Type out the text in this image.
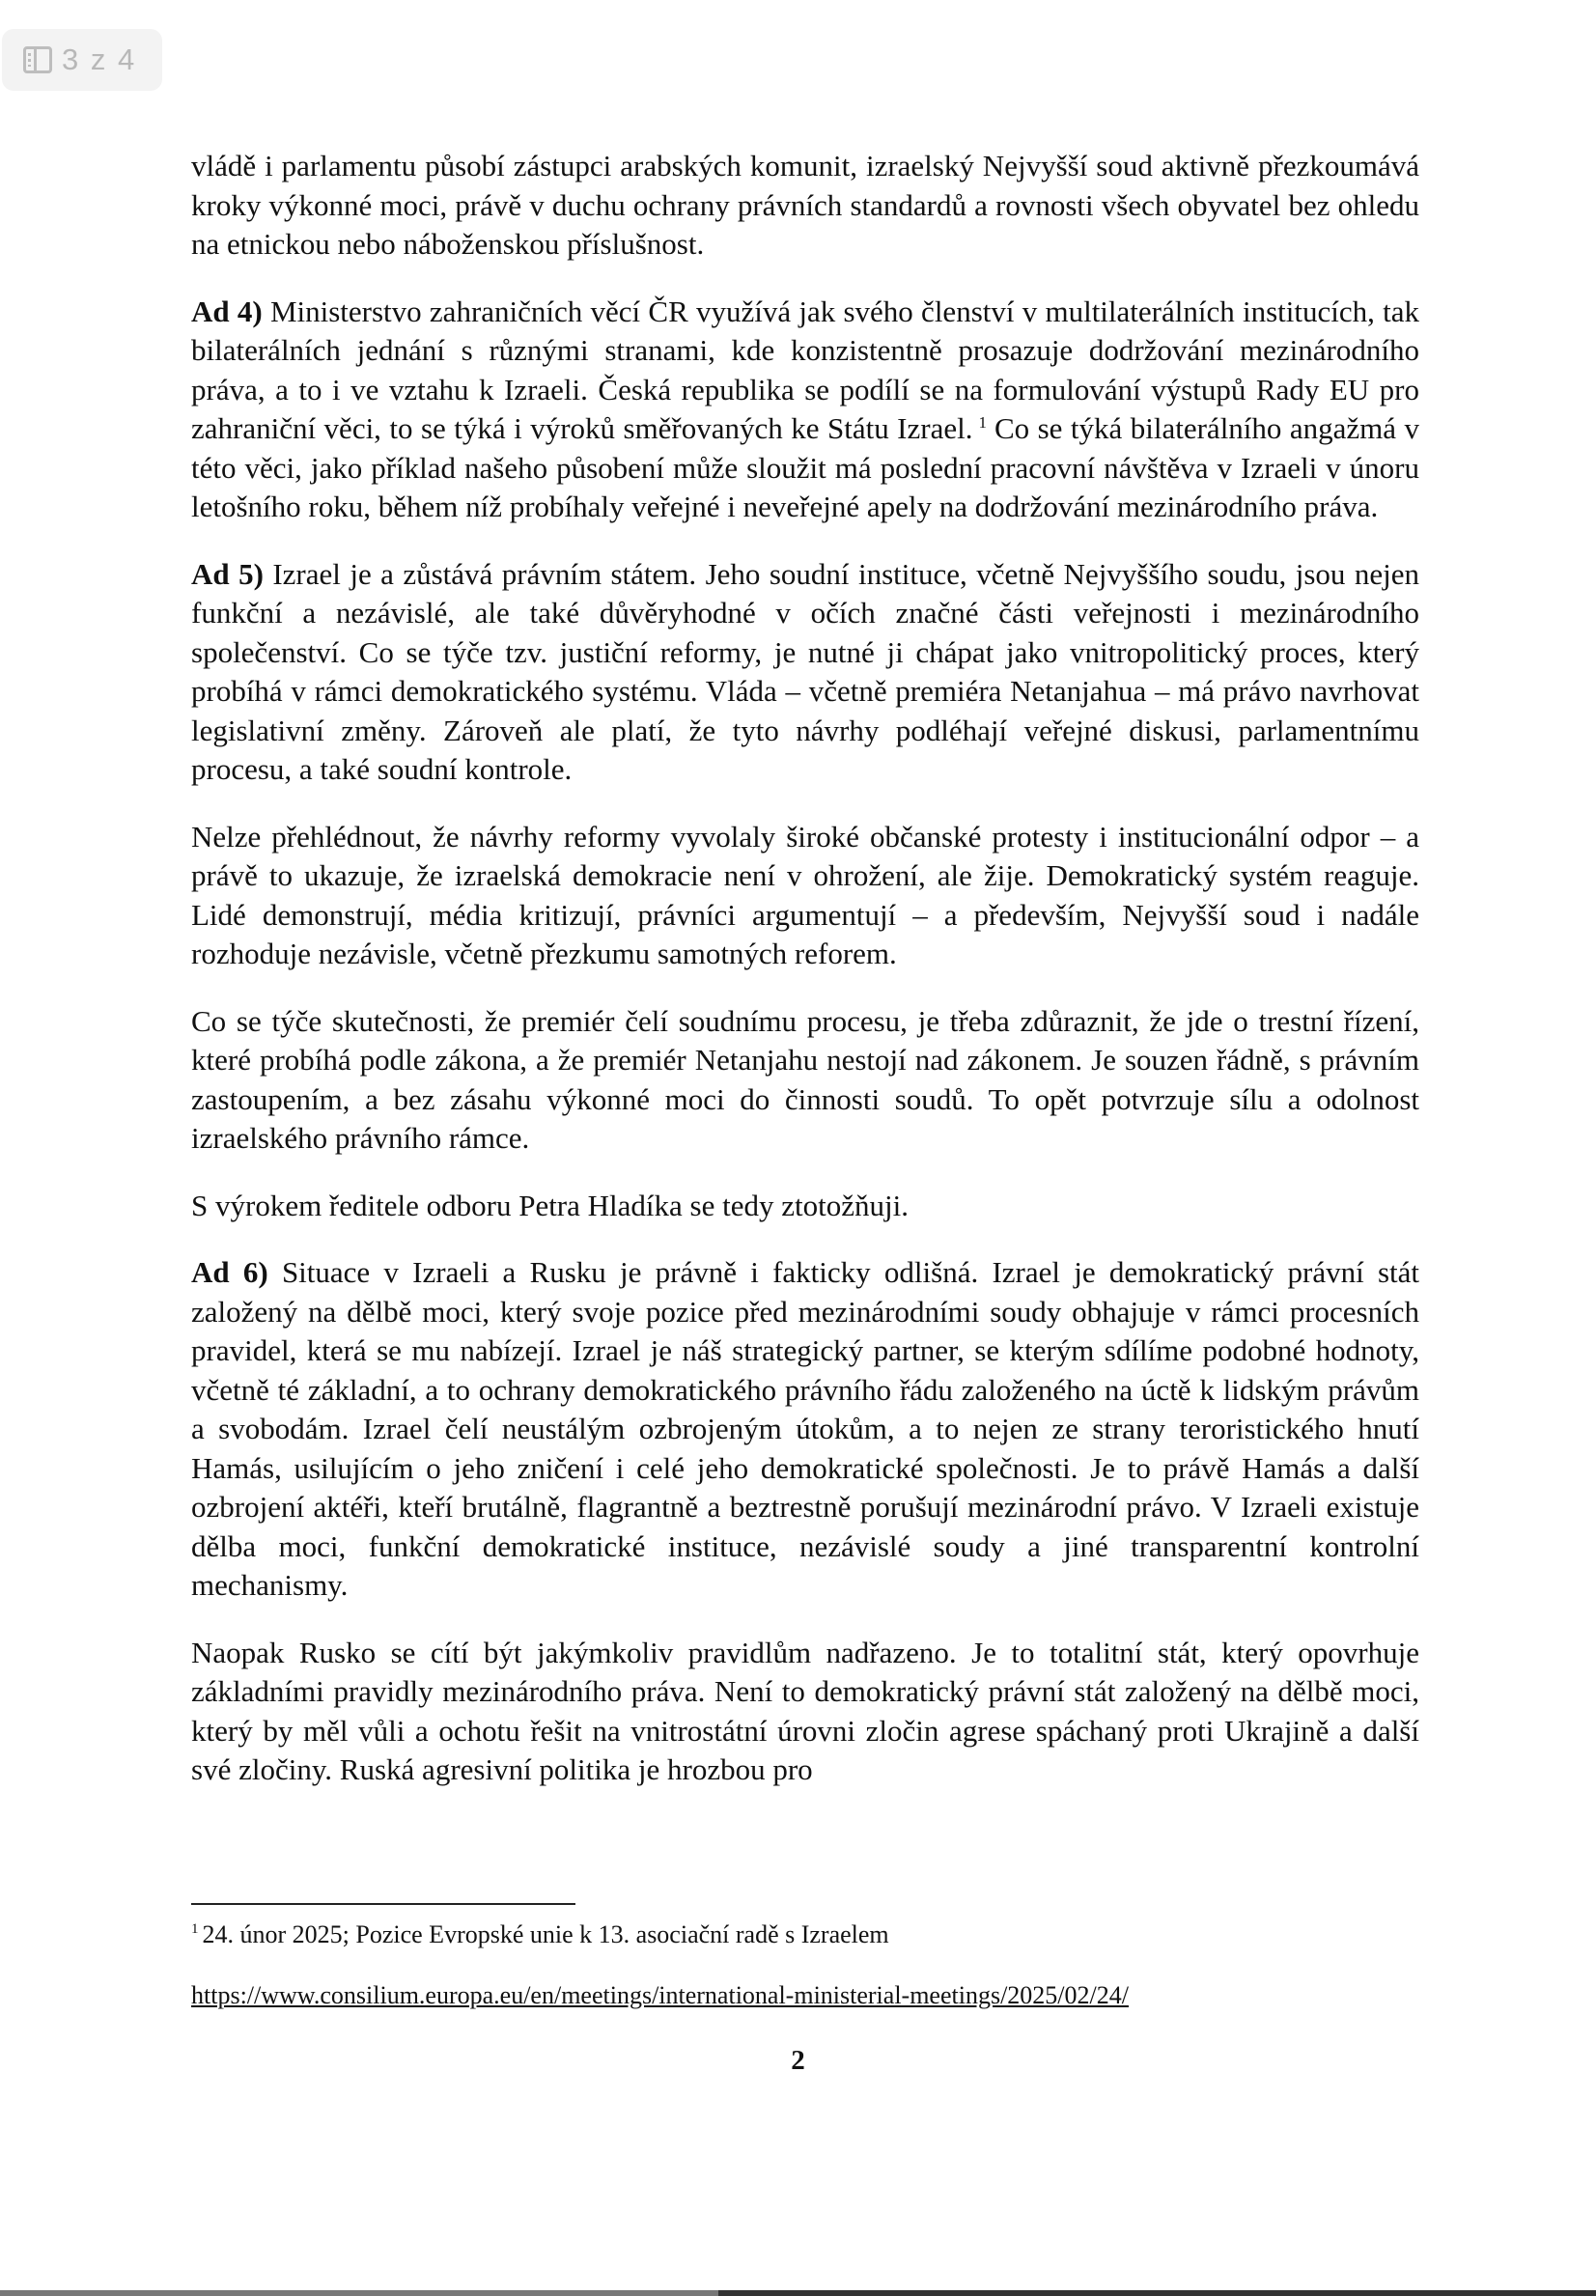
3 z 4

vládě i parlamentu působí zástupci arabských komunit, izraelský Nejvyšší soud aktivně přezkoumává kroky výkonné moci, právě v duchu ochrany právních standardů a rovnosti všech obyvatel bez ohledu na etnickou nebo náboženskou příslušnost.

Ad 4) Ministerstvo zahraničních věcí ČR využívá jak svého členství v multilaterálních institucích, tak bilaterálních jednání s různými stranami, kde konzistentně prosazuje dodržování mezinárodního práva, a to i ve vztahu k Izraeli. Česká republika se podílí se na formulování výstupů Rady EU pro zahraniční věci, to se týká i výroků směřovaných ke Státu Izrael. $^1$ Co se týká bilaterálního angažmá v této věci, jako příklad našeho působení může sloužit má poslední pracovní návštěva v Izraeli v únoru letošního roku, během níž probíhaly veřejné i neveřejné apely na dodržování mezinárodního práva.

Ad 5) Izrael je a zůstává právním státem. Jeho soudní instituce, včetně Nejvyššího soudu, jsou nejen funkční a nezávislé, ale také důvěryhodné v očích značné části veřejnosti i mezinárodního společenství. Co se týče tzv. justiční reformy, je nutné ji chápat jako vnitropolitický proces, který probíhá v rámci demokratického systému. Vláda – včetně premiéra Netanjahua – má právo navrhovat legislativní změny. Zároveň ale platí, že tyto návrhy podléhají veřejné diskusi, parlamentnímu procesu, a také soudní kontrole.

Nelze přehlédnout, že návrhy reformy vyvolaly široké občanské protesty i institucionální odpor – a právě to ukazuje, že izraelská demokracie není v ohrožení, ale žije. Demokratický systém reaguje. Lidé demonstrují, média kritizují, právníci argumentují – a především, Nejvyšší soud i nadále rozhoduje nezávisle, včetně přezkumu samotných reforem.

Co se týče skutečnosti, že premiér čelí soudnímu procesu, je třeba zdůraznit, že jde o trestní řízení, které probíhá podle zákona, a že premiér Netanjahu nestojí nad zákonem. Je souzen řádně, s právním zastoupením, a bez zásahu výkonné moci do činnosti soudů. To opět potvrzuje sílu a odolnost izraelského právního rámce.

S výrokem ředitele odboru Petra Hladíka se tedy ztotožňuji.

Ad 6) Situace v Izraeli a Rusku je právně i fakticky odlišná. Izrael je demokratický právní stát založený na dělbě moci, který svoje pozice před mezinárodními soudy obhajuje v rámci procesních pravidel, která se mu nabízejí. Izrael je náš strategický partner, se kterým sdílíme podobné hodnoty, včetně té základní, a to ochrany demokratického právního řádu založeného na úctě k lidským právům a svobodám. Izrael čelí neustálým ozbrojeným útokům, a to nejen ze strany teroristického hnutí Hamás, usilujícím o jeho zničení i celé jeho demokratické společnosti. Je to právě Hamás a další ozbrojení aktéři, kteří brutálně, flagrantně a beztrestně porušují mezinárodní právo. V Izraeli existuje dělba moci, funkční demokratické instituce, nezávislé soudy a jiné transparentní kontrolní mechanismy.

Naopak Rusko se cítí být jakýmkoliv pravidlům nadřazeno. Je to totalitní stát, který opovrhuje základními pravidly mezinárodního práva. Není to demokratický právní stát založený na dělbě moci, který by měl vůli a ochotu řešit na vnitrostátní úrovni zločin agrese spáchaný proti Ukrajině a další své zločiny. Ruská agresivní politika je hrozbou pro

$^1$ 24. únor 2025; Pozice Evropské unie k 13. asociační radě s Izraelem
https://www.consilium.europa.eu/en/meetings/international-ministerial-meetings/2025/02/24/
2
